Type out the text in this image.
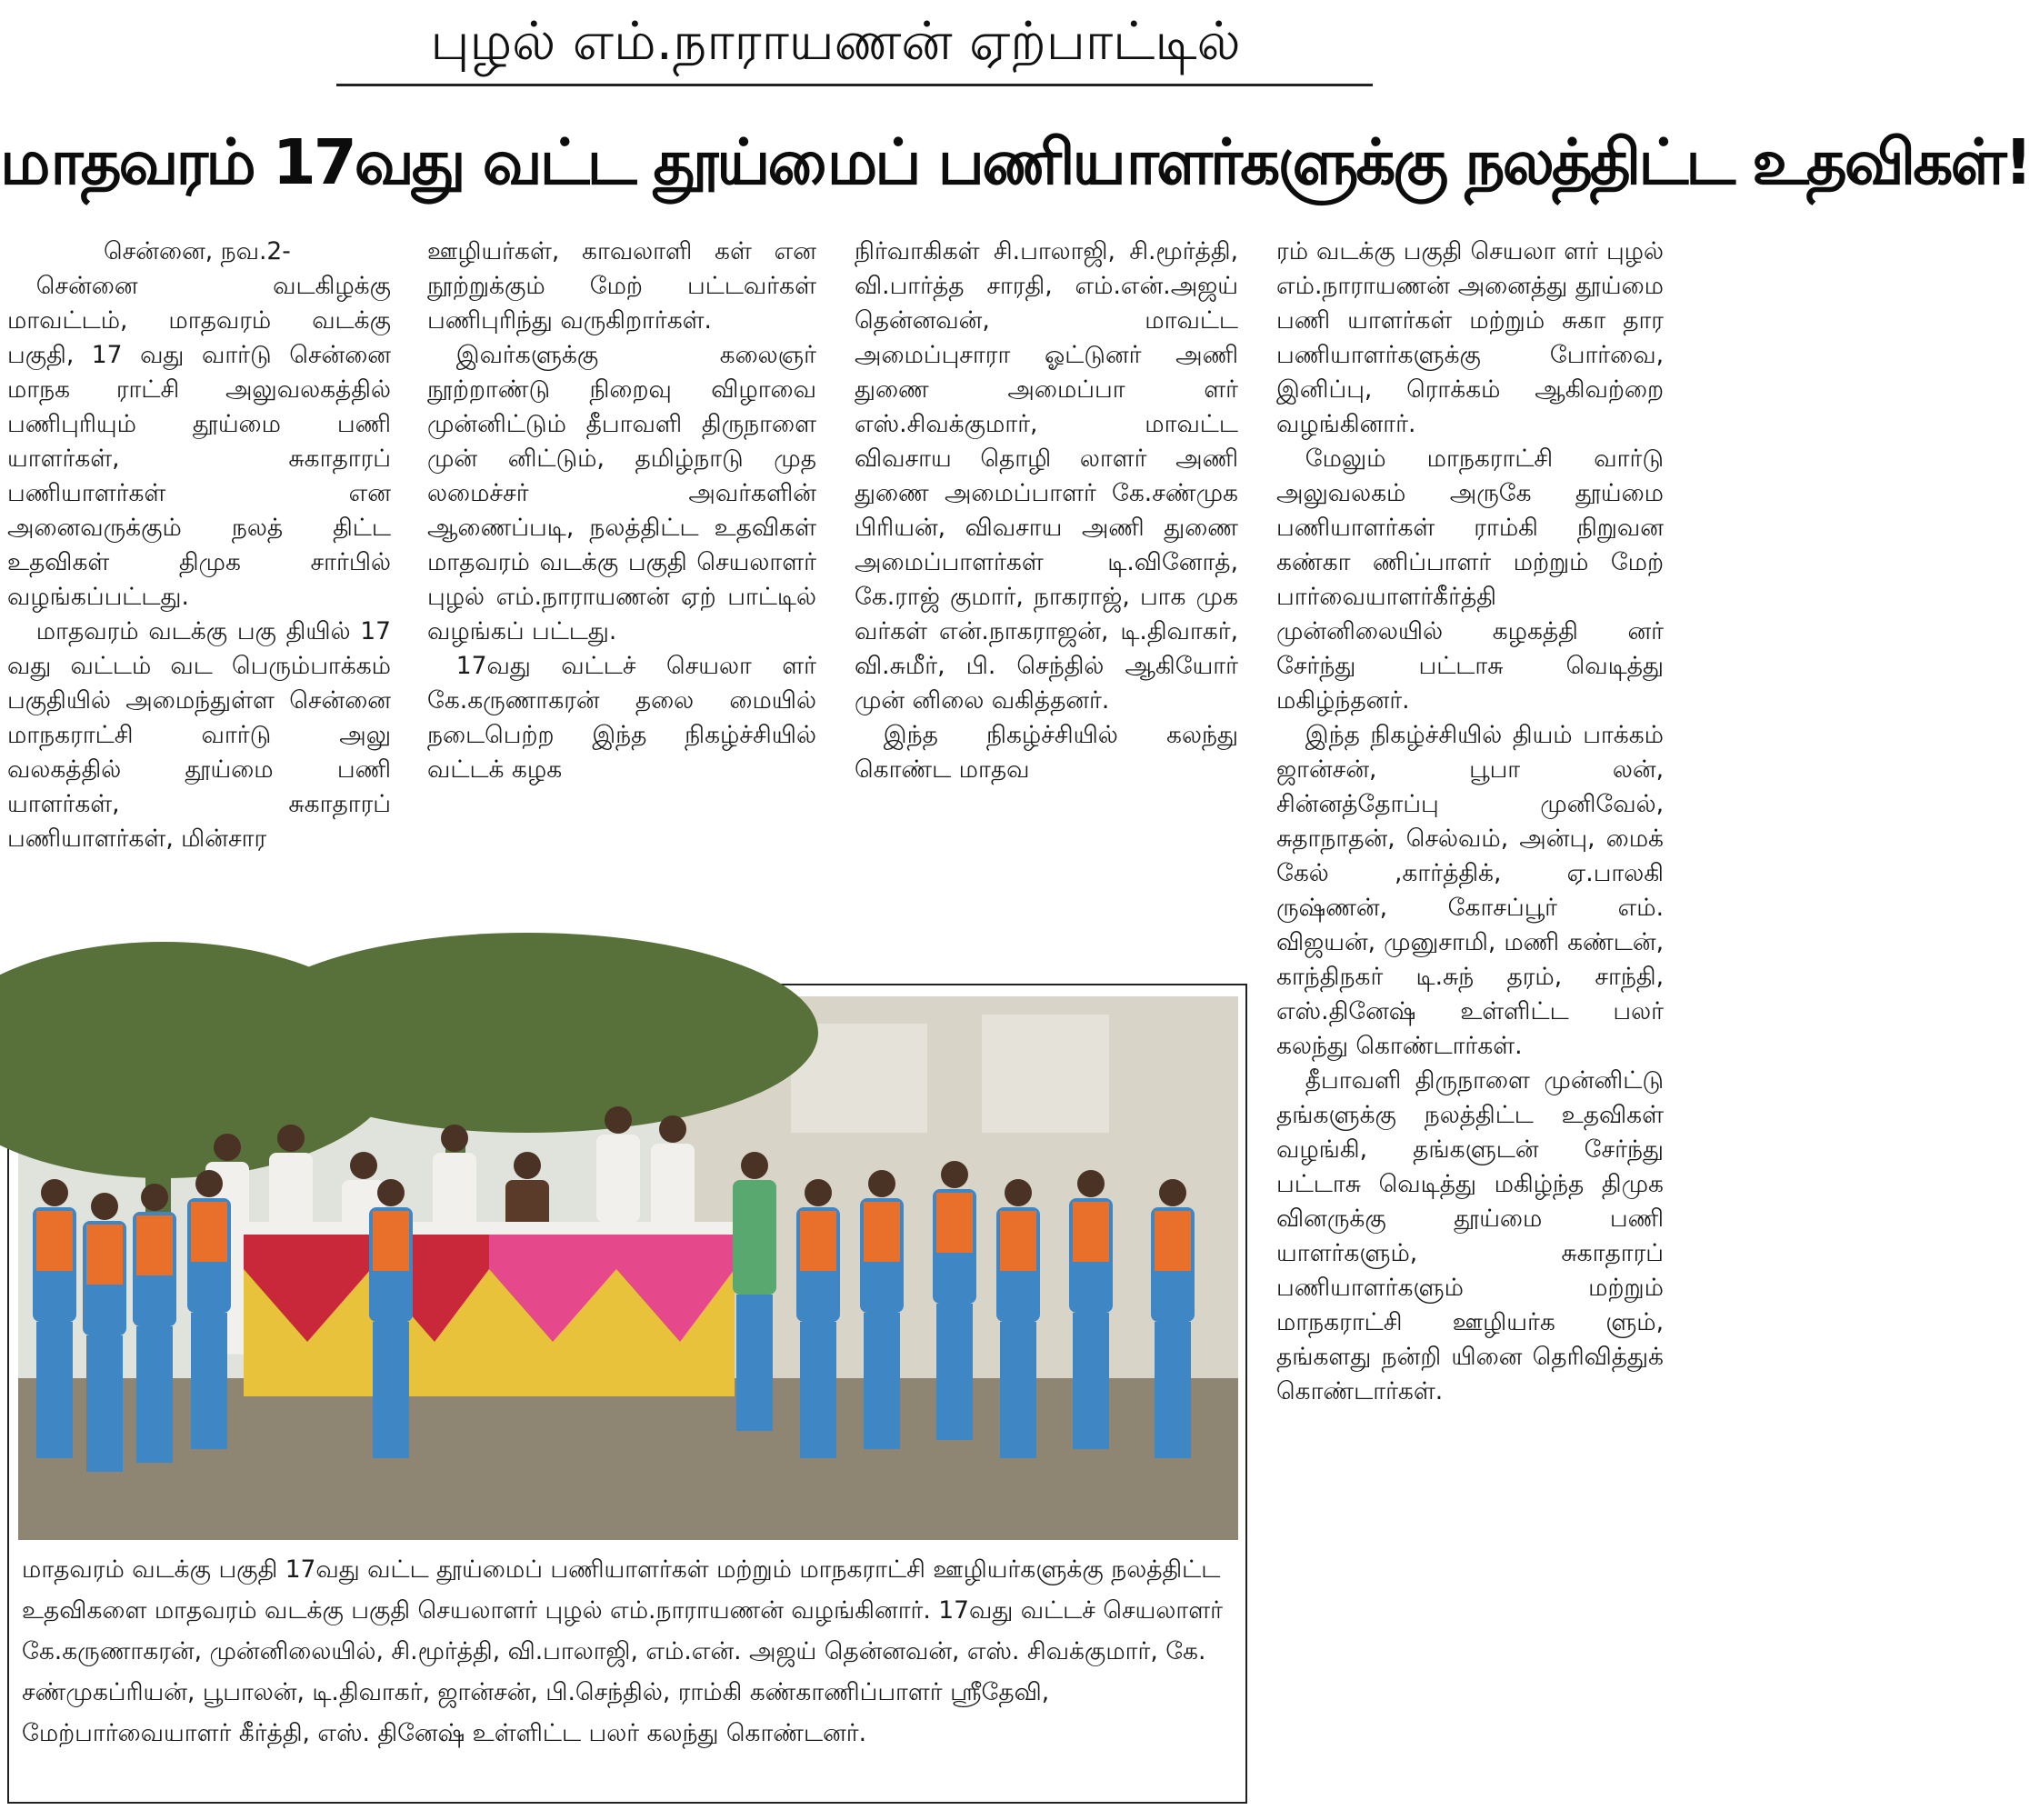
புழல் எம்.நாராயணன் ஏற்பாட்டில்
மாதவரம் 17வது வட்ட தூய்மைப் பணியாளர்களுக்கு நலத்திட்ட உதவிகள்!

சென்னை, நவ.2-

சென்னை வடகிழக்கு மாவட்டம், மாதவரம் வடக்கு பகுதி, 17 வது வார்டு சென்னை மாநக ராட்சி அலுவலகத்தில் பணிபுரியும் தூய்மை பணி யாளர்கள், சுகாதாரப் பணியாளர்கள் என அனைவருக்கும் நலத் திட்ட உதவிகள் திமுக சார்பில் வழங்கப்பட்டது.

மாதவரம் வடக்கு பகு தியில் 17 வது வட்டம் வட பெரும்பாக்கம் பகுதியில் அமைந்துள்ள சென்னை மாநகராட்சி வார்டு அலு வலகத்தில் தூய்மை பணி யாளர்கள், சுகாதாரப் பணியாளர்கள், மின்சார

ஊழியர்கள், காவலாளி கள் என நூற்றுக்கும் மேற் பட்டவர்கள் பணிபுரிந்து வருகிறார்கள்.

இவர்களுக்கு கலைஞர் நூற்றாண்டு நிறைவு விழாவை முன்னிட்டும் தீபாவளி திருநாளை முன் னிட்டும், தமிழ்நாடு முத லமைச்சர் அவர்களின் ஆணைப்படி, நலத்திட்ட உதவிகள் மாதவரம் வடக்கு பகுதி செயலாளர் புழல் எம்.நாராயணன் ஏற் பாட்டில் வழங்கப் பட்டது.

17வது வட்டச் செயலா ளர் கே.கருணாகரன் தலை மையில் நடைபெற்ற இந்த நிகழ்ச்சியில் வட்டக் கழக

நிர்வாகிகள் சி.பாலாஜி, சி.மூர்த்தி, வி.பார்த்த சாரதி, எம்.என்.அஜய் தென்னவன், மாவட்ட அமைப்புசாரா ஓட்டுனர் அணி துணை அமைப்பா ளர் எஸ்.சிவக்குமார், மாவட்ட விவசாய தொழி லாளர் அணி துணை அமைப்பாளர் கே.சண்முக பிரியன், விவசாய அணி துணை அமைப்பாளர்கள் டி.வினோத், கே.ராஜ் குமார், நாகராஜ், பாக முக வர்கள் என்.நாகராஜன், டி.திவாகர், வி.சுமீர், பி. செந்தில் ஆகியோர் முன் னிலை வகித்தனர்.

இந்த நிகழ்ச்சியில் கலந்து கொண்ட மாதவ

ரம் வடக்கு பகுதி செயலா ளர் புழல் எம்.நாராயணன் அனைத்து தூய்மை பணி யாளர்கள் மற்றும் சுகா தார பணியாளர்களுக்கு போர்வை, இனிப்பு, ரொக்கம் ஆகிவற்றை வழங்கினார்.

மேலும் மாநகராட்சி வார்டு அலுவலகம் அருகே தூய்மை பணியாளர்கள் ராம்கி நிறுவன கண்கா ணிப்பாளர் மற்றும் மேற் பார்வையாளர்கீர்த்தி முன்னிலையில் கழகத்தி னர் சேர்ந்து பட்டாசு வெடித்து மகிழ்ந்தனர்.

இந்த நிகழ்ச்சியில் தியம் பாக்கம் ஜான்சன், பூபா லன், சின்னத்தோப்பு முனிவேல், சுதாநாதன், செல்வம், அன்பு, மைக் கேல் ,கார்த்திக், ஏ.பாலகி ருஷ்ணன், கோசப்பூர் எம். விஜயன், முனுசாமி, மணி கண்டன், காந்திநகர் டி.சுந் தரம், சாந்தி, எஸ்.தினேஷ் உள்ளிட்ட பலர் கலந்து கொண்டார்கள்.

தீபாவளி திருநாளை முன்னிட்டு தங்களுக்கு நலத்திட்ட உதவிகள் வழங்கி, தங்களுடன் சேர்ந்து பட்டாசு வெடித்து மகிழ்ந்த திமுக வினருக்கு தூய்மை பணி யாளர்களும், சுகாதாரப் பணியாளர்களும் மற்றும் மாநகராட்சி ஊழியர்க ளும், தங்களது நன்றி யினை தெரிவித்துக் கொண்டார்கள்.

மாதவரம் வடக்கு பகுதி 17வது வட்ட தூய்மைப் பணியாளர்கள் மற்றும் மாநகராட்சி ஊழியர்களுக்கு நலத்திட்ட உதவிகளை மாதவரம் வடக்கு பகுதி செயலாளர் புழல் எம்.நாராயணன் வழங்கினார். 17வது வட்டச் செயலாளர் கே.கருணாகரன், முன்னிலையில், சி.மூர்த்தி, வி.பாலாஜி, எம்.என். அஜய் தென்னவன், எஸ். சிவக்குமார், கே. சண்முகப்ரியன், பூபாலன், டி.திவாகர், ஜான்சன், பி.செந்தில், ராம்கி கண்காணிப்பாளர் ஸ்ரீதேவி, மேற்பார்வையாளர் கீர்த்தி, எஸ். தினேஷ் உள்ளிட்ட பலர் கலந்து கொண்டனர்.
